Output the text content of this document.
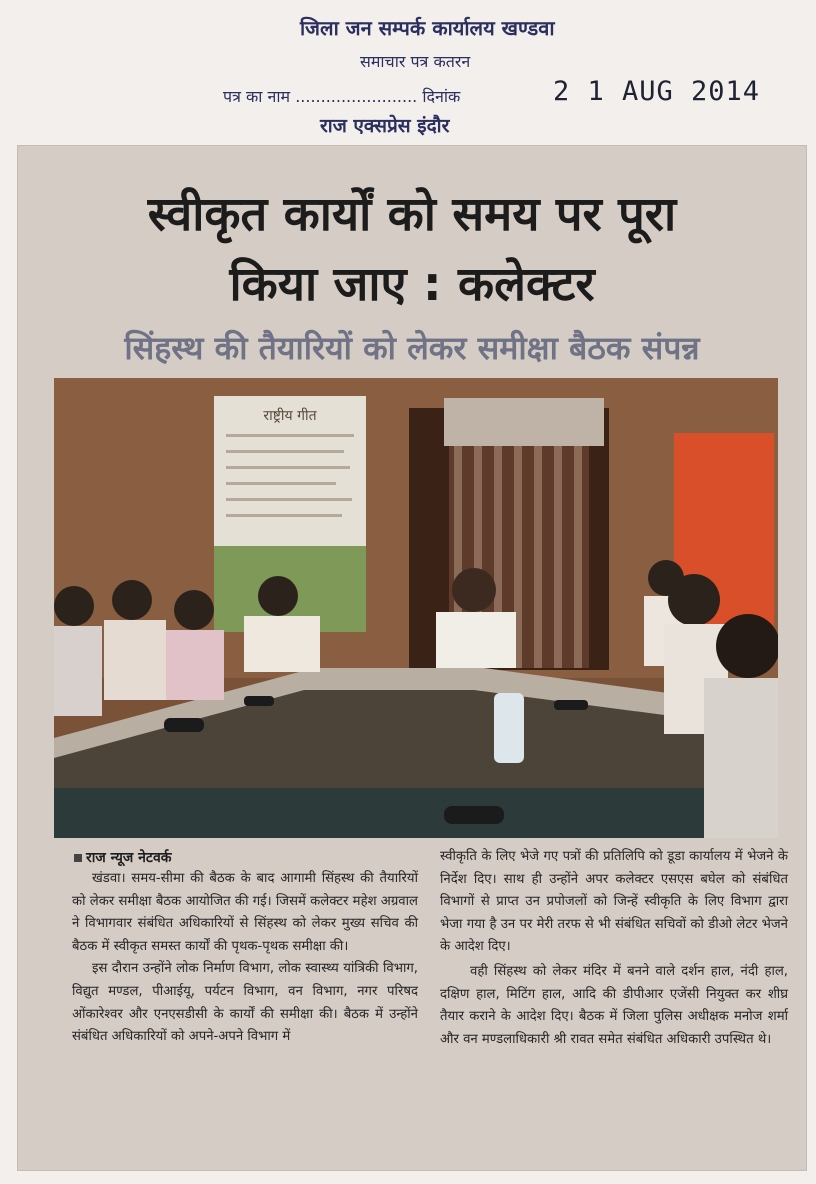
जिला जन सम्पर्क कार्यालय खण्डवा
समाचार पत्र कतरन
पत्र का नाम ........................ दिनांक	2 1 AUG 2014
राज एक्सप्रेस इंदौर
स्वीकृत कार्यों को समय पर पूरा
किया जाए : कलेक्टर
सिंहस्थ की तैयारियों को लेकर समीक्षा बैठक संपन्न
राष्ट्रीय गीत
राज न्यूज नेटवर्क

खंडवा। समय-सीमा की बैठक के बाद आगामी सिंहस्थ की तैयारियों को लेकर समीक्षा बैठक आयोजित की गई। जिसमें कलेक्टर महेश अग्रवाल ने विभागवार संबंधित अधिकारियों से सिंहस्थ को लेकर मुख्य सचिव की बैठक में स्वीकृत समस्त कार्यों की पृथक-पृथक समीक्षा की।

इस दौरान उन्होंने लोक निर्माण विभाग, लोक स्वास्थ्य यांत्रिकी विभाग, विद्युत मण्डल, पीआईयू, पर्यटन विभाग, वन विभाग, नगर परिषद ओंकारेश्वर और एनएसडीसी के कार्यों की समीक्षा की। बैठक में उन्होंने संबंधित अधिकारियों को अपने-अपने विभाग में

स्वीकृति के लिए भेजे गए पत्रों की प्रतिलिपि को डूडा कार्यालय में भेजने के निर्देश दिए। साथ ही उन्होंने अपर कलेक्टर एसएस बघेल को संबंधित विभागों से प्राप्त उन प्रपोजलों को जिन्हें स्वीकृति के लिए विभाग द्वारा भेजा गया है उन पर मेरी तरफ से भी संबंधित सचिवों को डीओ लेटर भेजने के आदेश दिए।

वही सिंहस्थ को लेकर मंदिर में बनने वाले दर्शन हाल, नंदी हाल, दक्षिण हाल, मिटिंग हाल, आदि की डीपीआर एजेंसी नियुक्त कर शीघ्र तैयार कराने के आदेश दिए। बैठक में जिला पुलिस अधीक्षक मनोज शर्मा और वन मण्डलाधिकारी श्री रावत समेत संबंधित अधिकारी उपस्थित थे।
